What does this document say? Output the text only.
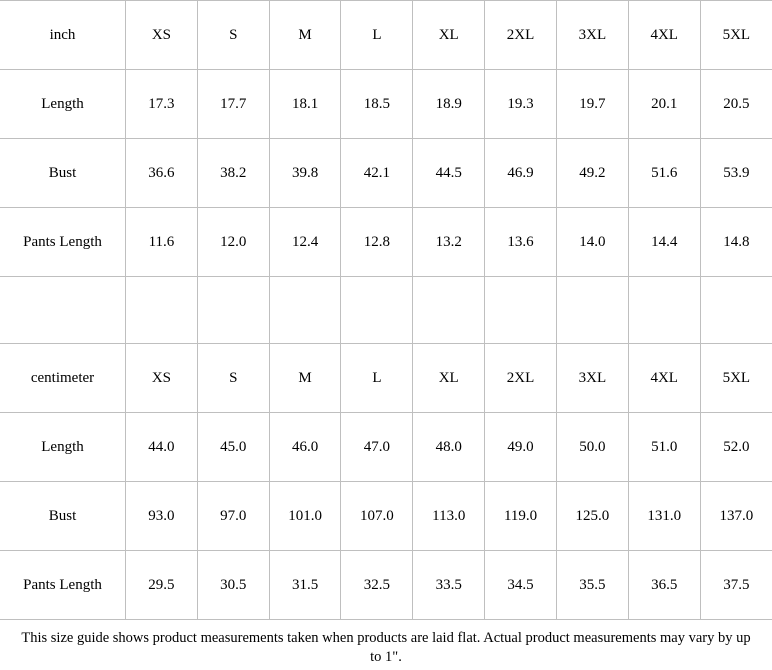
inch	XS	S	M	L	XL	2XL	3XL	4XL	5XL
Length	17.3	17.7	18.1	18.5	18.9	19.3	19.7	20.1	20.5
Bust	36.6	38.2	39.8	42.1	44.5	46.9	49.2	51.6	53.9
Pants Length	11.6	12.0	12.4	12.8	13.2	13.6	14.0	14.4	14.8

centimeter	XS	S	M	L	XL	2XL	3XL	4XL	5XL
Length	44.0	45.0	46.0	47.0	48.0	49.0	50.0	51.0	52.0
Bust	93.0	97.0	101.0	107.0	113.0	119.0	125.0	131.0	137.0
Pants Length	29.5	30.5	31.5	32.5	33.5	34.5	35.5	36.5	37.5
This size guide shows product measurements taken when products are laid flat. Actual product measurements may vary by up to 1".
